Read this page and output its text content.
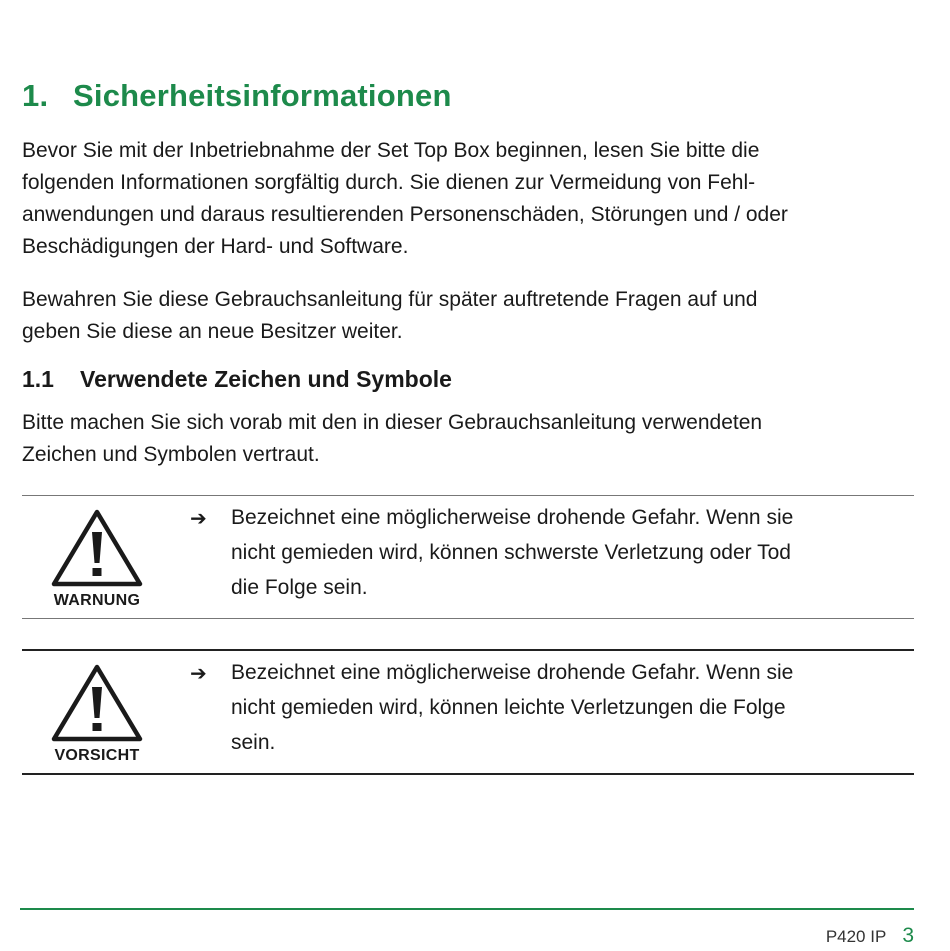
1. Sicherheitsinformationen

Bevor Sie mit der Inbetriebnahme der Set Top Box beginnen, lesen Sie bitte die
folgenden Informationen sorgfältig durch. Sie dienen zur Vermeidung von Fehl-
anwendungen und daraus resultierenden Personenschäden, Störungen und / oder
Beschädigungen der Hard- und Software.

Bewahren Sie diese Gebrauchsanleitung für später auftretende Fragen auf und
geben Sie diese an neue Besitzer weiter.

1.1 Verwendete Zeichen und Symbole

Bitte machen Sie sich vorab mit den in dieser Gebrauchsanleitung verwendeten
Zeichen und Symbolen vertraut.

WARNUNG
➔ Bezeichnet eine möglicherweise drohende Gefahr. Wenn sie
nicht gemieden wird, können schwerste Verletzung oder Tod
die Folge sein.
VORSICHT
➔ Bezeichnet eine möglicherweise drohende Gefahr. Wenn sie
nicht gemieden wird, können leichte Verletzungen die Folge
sein.
P420 IP 3
